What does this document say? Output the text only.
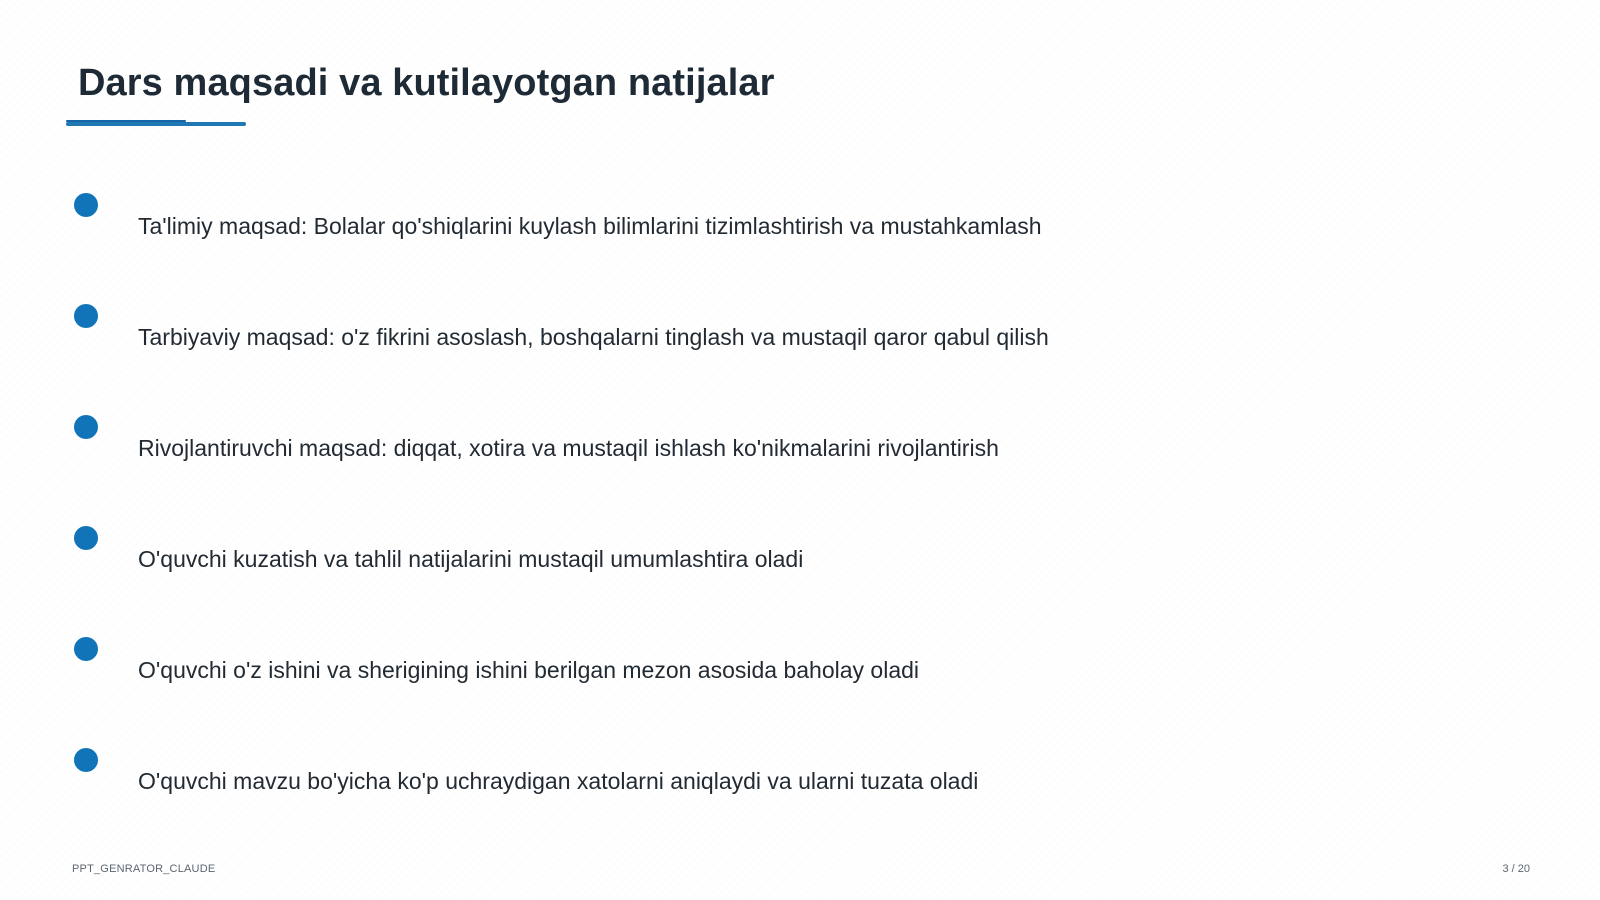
Dars maqsadi va kutilayotgan natijalar
Ta'limiy maqsad: Bolalar qo'shiqlarini kuylash bilimlarini tizimlashtirish va mustahkamlash
Tarbiyaviy maqsad: o'z fikrini asoslash, boshqalarni tinglash va mustaqil qaror qabul qilish
Rivojlantiruvchi maqsad: diqqat, xotira va mustaqil ishlash ko'nikmalarini rivojlantirish
O'quvchi kuzatish va tahlil natijalarini mustaqil umumlashtira oladi
O'quvchi o'z ishini va sherigining ishini berilgan mezon asosida baholay oladi
O'quvchi mavzu bo'yicha ko'p uchraydigan xatolarni aniqlaydi va ularni tuzata oladi
PPT_GENRATOR_CLAUDE	3 / 20
